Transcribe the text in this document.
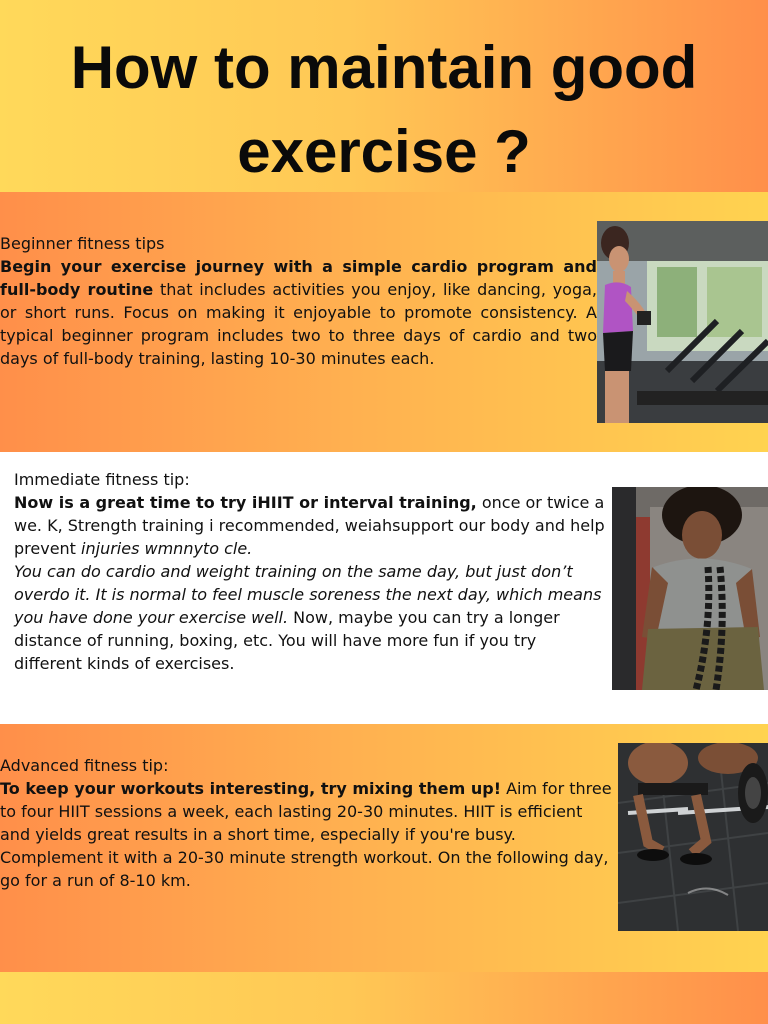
How to maintain good
exercise ?

Beginner fitness tips

Begin your exercise journey with a simple cardio program and full-body routine that includes activities you enjoy, like dancing, yoga, or short runs. Focus on making it enjoyable to promote consistency. A typical beginner program includes two to three days of cardio and two days of full-body training, lasting 10-30 minutes each.

Immediate fitness tip:

Now is a great time to try iHIIT or interval training, once or twice a we. K, Strength training i recommended, weiahsupport our body and help prevent injuries wmnnyto cle.

You can do cardio and weight training on the same day, but just don’t overdo it. It is normal to feel muscle soreness the next day, which means you have done your exercise well. Now, maybe you can try a longer distance of running, boxing, etc. You will have more fun if you try different kinds of exercises.

Advanced fitness tip:

To keep your workouts interesting, try mixing them up! Aim for three to four HIIT sessions a week, each lasting 20-30 minutes. HIIT is efficient and yields great results in a short time, especially if you're busy. Complement it with a 20-30 minute strength workout. On the following day, go for a run of 8-10 km.
